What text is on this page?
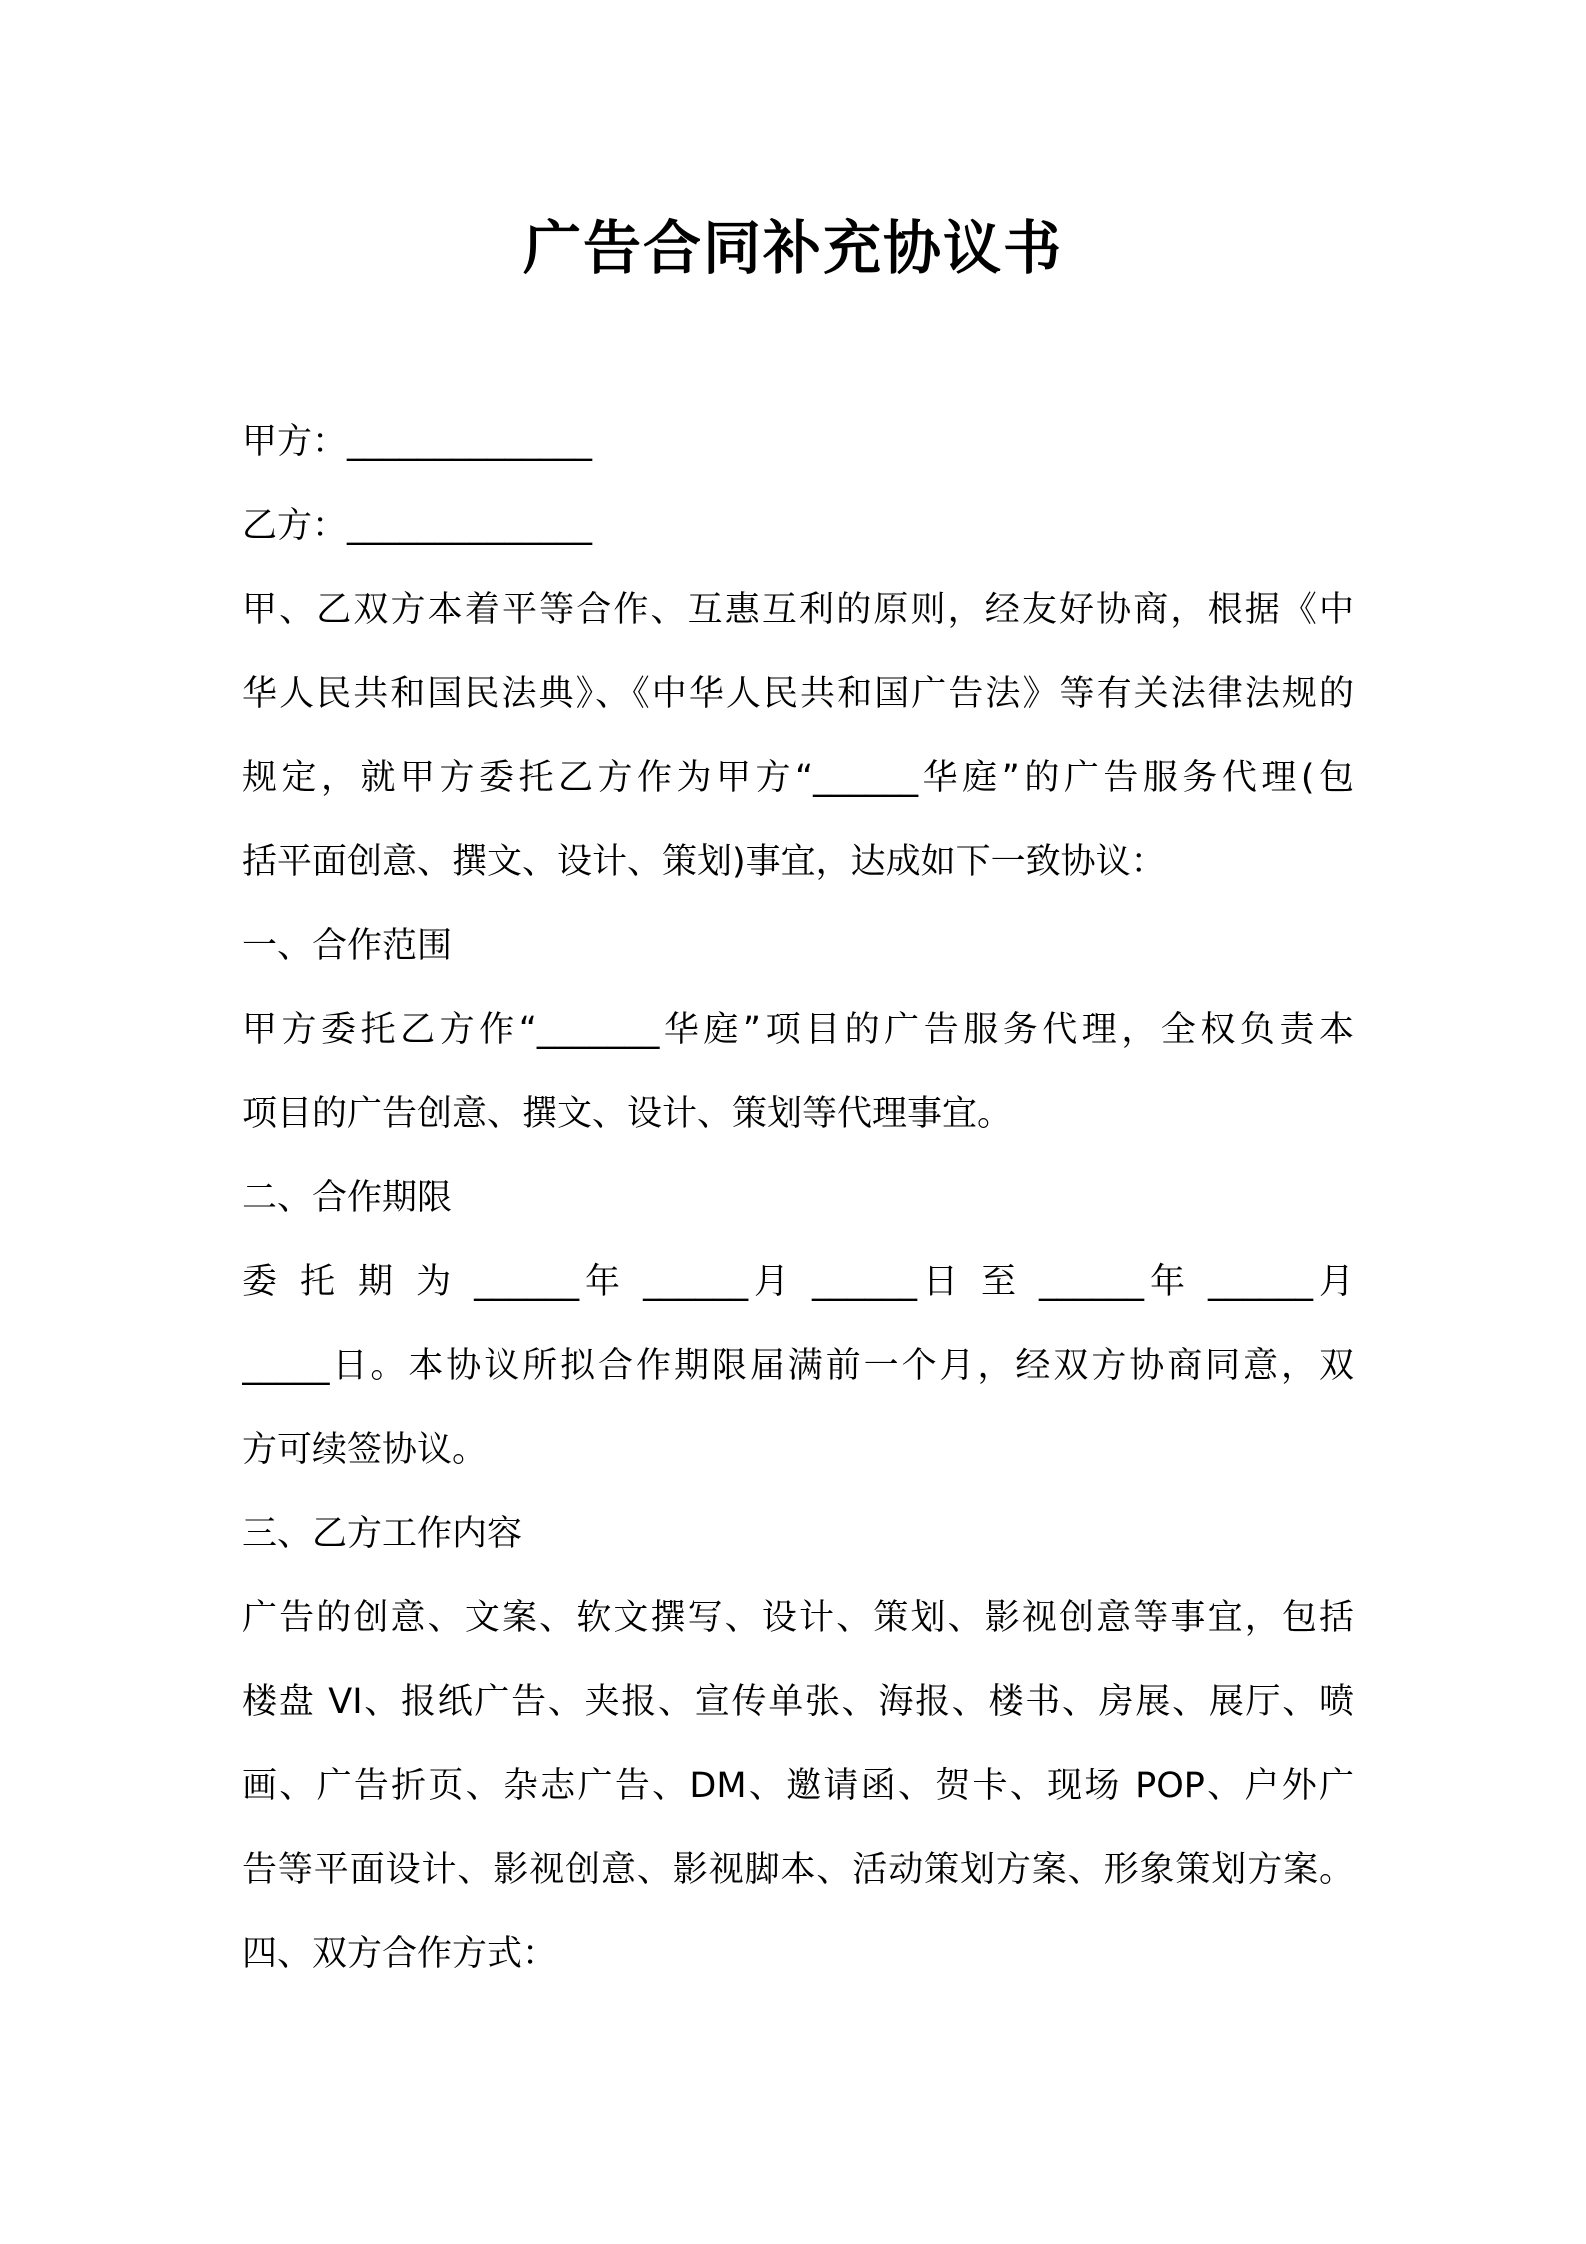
广告合同补充协议书
甲方：______________
乙方：______________
甲、乙双方本着平等合作、互惠互利的原则，经友好协商，根据《中
华人民共和国民法典》、《中华人民共和国广告法》等有关法律法规的
规定，就甲方委托乙方作为甲方“______华庭”的广告服务代理(包
括平面创意、撰文、设计、策划)事宜，达成如下一致协议：
一、合作范围
甲方委托乙方作“_______华庭”项目的广告服务代理，全权负责本
项目的广告创意、撰文、设计、策划等代理事宜。
二、合作期限
委 托 期 为 ______年 ______月 ______日 至 ______年 ______月
_____日。本协议所拟合作期限届满前一个月，经双方协商同意，双
方可续签协议。
三、乙方工作内容
广告的创意、文案、软文撰写、设计、策划、影视创意等事宜，包括
楼盘 VI、报纸广告、夹报、宣传单张、海报、楼书、房展、展厅、喷
画、广告折页、杂志广告、DM、邀请函、贺卡、现场 POP、户外广
告等平面设计、影视创意、影视脚本、活动策划方案、形象策划方案。
四、双方合作方式：
